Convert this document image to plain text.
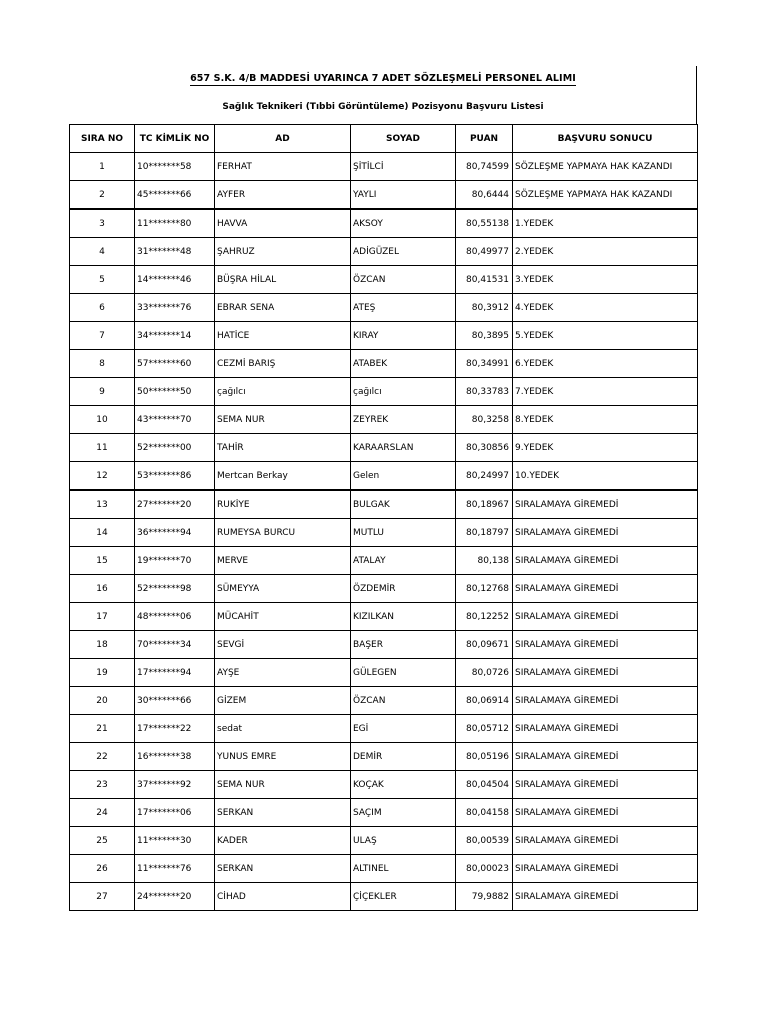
657 S.K. 4/B MADDESİ UYARINCA 7 ADET SÖZLEŞMELİ PERSONEL ALIMI
Sağlık Teknikeri (Tıbbi Görüntüleme) Pozisyonu Başvuru Listesi
SIRA NO	TC KİMLİK NO	AD	SOYAD	PUAN	BAŞVURU SONUCU
1	10*******58	FERHAT	ŞİTİLCİ	80,74599	SÖZLEŞME YAPMAYA HAK KAZANDI
2	45*******66	AYFER	YAYLI	80,6444	SÖZLEŞME YAPMAYA HAK KAZANDI
3	11*******80	HAVVA	AKSOY	80,55138	1.YEDEK
4	31*******48	ŞAHRUZ	ADİGÜZEL	80,49977	2.YEDEK
5	14*******46	BÜŞRA HİLAL	ÖZCAN	80,41531	3.YEDEK
6	33*******76	EBRAR SENA	ATEŞ	80,3912	4.YEDEK
7	34*******14	HATİCE	KIRAY	80,3895	5.YEDEK
8	57*******60	CEZMİ BARIŞ	ATABEK	80,34991	6.YEDEK
9	50*******50	çağılcı	çağılcı	80,33783	7.YEDEK
10	43*******70	SEMA NUR	ZEYREK	80,3258	8.YEDEK
11	52*******00	TAHİR	KARAARSLAN	80,30856	9.YEDEK
12	53*******86	Mertcan Berkay	Gelen	80,24997	10.YEDEK
13	27*******20	RUKİYE	BULGAK	80,18967	SIRALAMAYA GİREMEDİ
14	36*******94	RUMEYSA BURCU	MUTLU	80,18797	SIRALAMAYA GİREMEDİ
15	19*******70	MERVE	ATALAY	80,138	SIRALAMAYA GİREMEDİ
16	52*******98	SÜMEYYA	ÖZDEMİR	80,12768	SIRALAMAYA GİREMEDİ
17	48*******06	MÜCAHİT	KIZILKAN	80,12252	SIRALAMAYA GİREMEDİ
18	70*******34	SEVGİ	BAŞER	80,09671	SIRALAMAYA GİREMEDİ
19	17*******94	AYŞE	GÜLEGEN	80,0726	SIRALAMAYA GİREMEDİ
20	30*******66	GİZEM	ÖZCAN	80,06914	SIRALAMAYA GİREMEDİ
21	17*******22	sedat	EGİ	80,05712	SIRALAMAYA GİREMEDİ
22	16*******38	YUNUS EMRE	DEMİR	80,05196	SIRALAMAYA GİREMEDİ
23	37*******92	SEMA NUR	KOÇAK	80,04504	SIRALAMAYA GİREMEDİ
24	17*******06	SERKAN	SAÇIM	80,04158	SIRALAMAYA GİREMEDİ
25	11*******30	KADER	ULAŞ	80,00539	SIRALAMAYA GİREMEDİ
26	11*******76	SERKAN	ALTINEL	80,00023	SIRALAMAYA GİREMEDİ
27	24*******20	CİHAD	ÇİÇEKLER	79,9882	SIRALAMAYA GİREMEDİ
